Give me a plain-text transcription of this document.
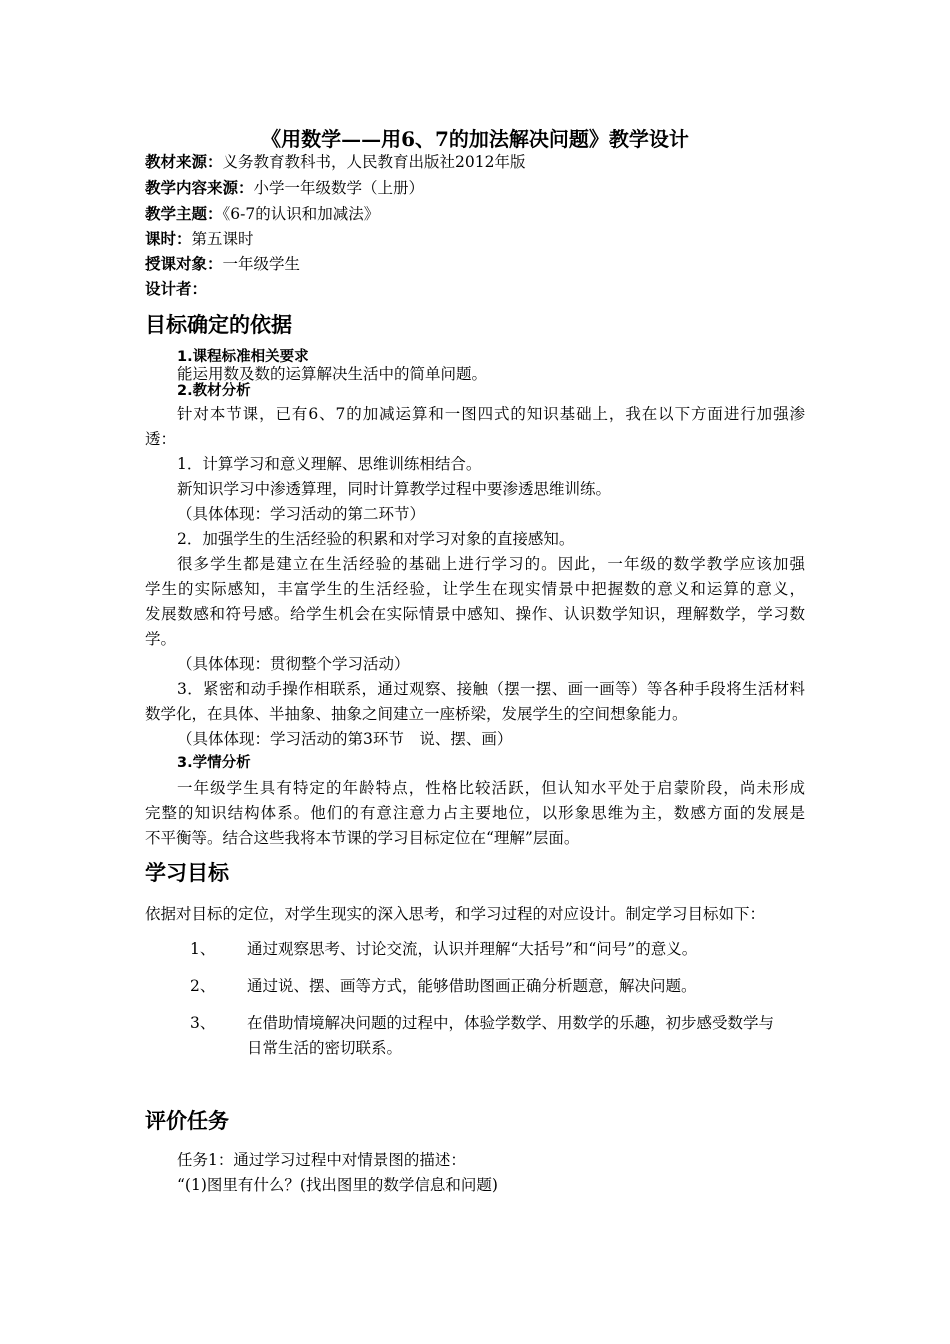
《用数学——用6、7的加法解决问题》教学设计
教材来源：义务教育教科书，人民教育出版社2012年版
教学内容来源：小学一年级数学（上册）
教学主题：《6-7的认识和加减法》
课时：第五课时
授课对象：一年级学生
设计者：
目标确定的依据
1.课程标准相关要求
能运用数及数的运算解决生活中的简单问题。
2.教材分析
针对本节课，已有6、7的加减运算和一图四式的知识基础上，我在以下方面进行加强渗
透：
1．计算学习和意义理解、思维训练相结合。
新知识学习中渗透算理，同时计算教学过程中要渗透思维训练。
（具体体现：学习活动的第二环节）
2．加强学生的生活经验的积累和对学习对象的直接感知。
很多学生都是建立在生活经验的基础上进行学习的。因此，一年级的数学教学应该加强
学生的实际感知，丰富学生的生活经验，让学生在现实情景中把握数的意义和运算的意义，
发展数感和符号感。给学生机会在实际情景中感知、操作、认识数学知识，理解数学，学习数
学。
（具体体现：贯彻整个学习活动）
3．紧密和动手操作相联系，通过观察、接触（摆一摆、画一画等）等各种手段将生活材料
数学化，在具体、半抽象、抽象之间建立一座桥梁，发展学生的空间想象能力。
（具体体现：学习活动的第3环节　说、摆、画）
3.学情分析
一年级学生具有特定的年龄特点，性格比较活跃，但认知水平处于启蒙阶段，尚未形成
完整的知识结构体系。他们的有意注意力占主要地位，以形象思维为主，数感方面的发展是
不平衡等。结合这些我将本节课的学习目标定位在“理解”层面。
学习目标
依据对目标的定位，对学生现实的深入思考，和学习过程的对应设计。制定学习目标如下：
1、 通过观察思考、讨论交流，认识并理解“大括号”和“问号”的意义。
2、 通过说、摆、画等方式，能够借助图画正确分析题意，解决问题。
3、 在借助情境解决问题的过程中，体验学数学、用数学的乐趣，初步感受数学与
日常生活的密切联系。
评价任务
任务1：通过学习过程中对情景图的描述：
“(1)图里有什么？(找出图里的数学信息和问题)
